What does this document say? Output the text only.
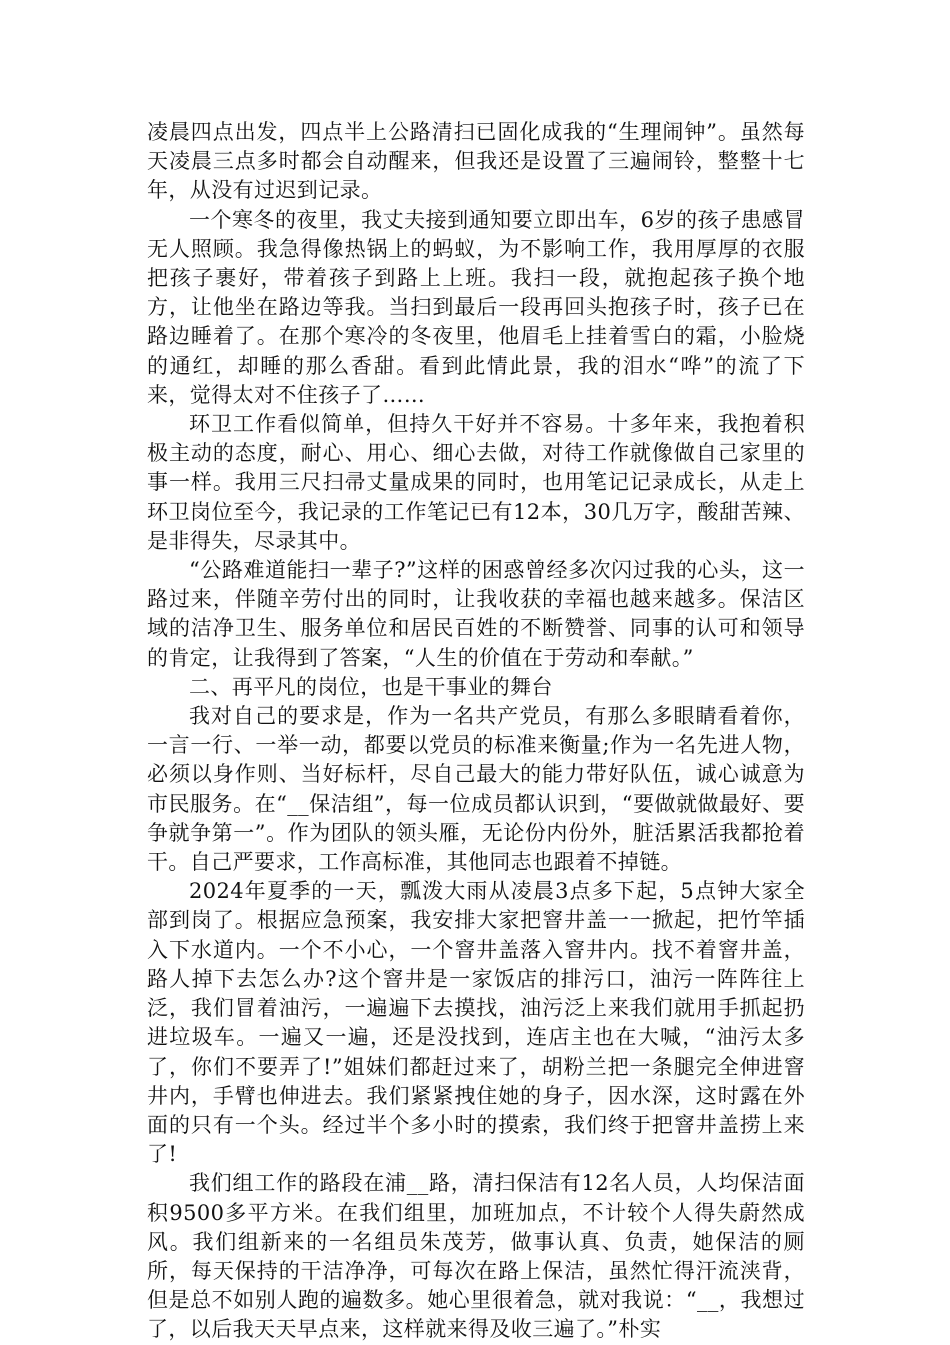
凌晨四点出发，四点半上公路清扫已固化成我的“生理闹钟”。虽然每天凌晨三点多时都会自动醒来，但我还是设置了三遍闹铃，整整十七年，从没有过迟到记录。

一个寒冬的夜里，我丈夫接到通知要立即出车，6岁的孩子患感冒无人照顾。我急得像热锅上的蚂蚁，为不影响工作，我用厚厚的衣服把孩子裹好，带着孩子到路上上班。我扫一段，就抱起孩子换个地方，让他坐在路边等我。当扫到最后一段再回头抱孩子时，孩子已在路边睡着了。在那个寒冷的冬夜里，他眉毛上挂着雪白的霜，小脸烧的通红，却睡的那么香甜。看到此情此景，我的泪水“哗”的流了下来，觉得太对不住孩子了……

环卫工作看似简单，但持久干好并不容易。十多年来，我抱着积极主动的态度，耐心、用心、细心去做，对待工作就像做自己家里的事一样。我用三尺扫帚丈量成果的同时，也用笔记记录成长，从走上环卫岗位至今，我记录的工作笔记已有12本，30几万字，酸甜苦辣、是非得失，尽录其中。

“公路难道能扫一辈子?”这样的困惑曾经多次闪过我的心头，这一路过来，伴随辛劳付出的同时，让我收获的幸福也越来越多。保洁区域的洁净卫生、服务单位和居民百姓的不断赞誉、同事的认可和领导的肯定，让我得到了答案，“人生的价值在于劳动和奉献。”

二、再平凡的岗位，也是干事业的舞台

我对自己的要求是，作为一名共产党员，有那么多眼睛看着你，一言一行、一举一动，都要以党员的标准来衡量;作为一名先进人物，必须以身作则、当好标杆，尽自己最大的能力带好队伍，诚心诚意为市民服务。在“__保洁组”，每一位成员都认识到，“要做就做最好、要争就争第一”。作为团队的领头雁，无论份内份外，脏活累活我都抢着干。自己严要求，工作高标准，其他同志也跟着不掉链。

2024年夏季的一天，瓢泼大雨从凌晨3点多下起，5点钟大家全部到岗了。根据应急预案，我安排大家把窨井盖一一掀起，把竹竿插入下水道内。一个不小心，一个窨井盖落入窨井内。找不着窨井盖，路人掉下去怎么办?这个窨井是一家饭店的排污口，油污一阵阵往上泛，我们冒着油污，一遍遍下去摸找，油污泛上来我们就用手抓起扔进垃圾车。一遍又一遍，还是没找到，连店主也在大喊，“油污太多了，你们不要弄了!”姐妹们都赶过来了，胡粉兰把一条腿完全伸进窨井内，手臂也伸进去。我们紧紧拽住她的身子，因水深，这时露在外面的只有一个头。经过半个多小时的摸索，我们终于把窨井盖捞上来了!

我们组工作的路段在浦__路，清扫保洁有12名人员，人均保洁面积9500多平方米。在我们组里，加班加点，不计较个人得失蔚然成风。我们组新来的一名组员朱茂芳，做事认真、负责，她保洁的厕所，每天保持的干洁净净，可每次在路上保洁，虽然忙得汗流浃背，但是总不如别人跑的遍数多。她心里很着急，就对我说：“__，我想过了，以后我天天早点来，这样就来得及收三遍了。”朴实
